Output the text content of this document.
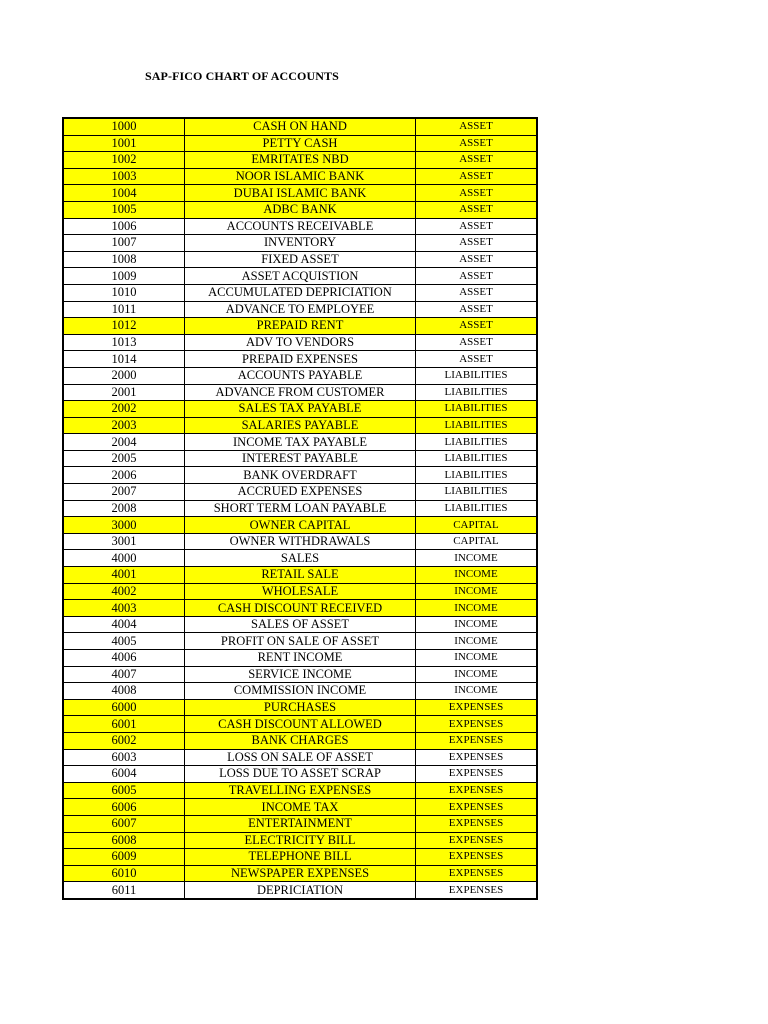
SAP-FICO CHART OF ACCOUNTS
1000	CASH ON HAND	ASSET
1001	PETTY CASH	ASSET
1002	EMRITATES NBD	ASSET
1003	NOOR ISLAMIC BANK	ASSET
1004	DUBAI ISLAMIC BANK	ASSET
1005	ADBC BANK	ASSET
1006	ACCOUNTS RECEIVABLE	ASSET
1007	INVENTORY	ASSET
1008	FIXED ASSET	ASSET
1009	ASSET ACQUISTION	ASSET
1010	ACCUMULATED DEPRICIATION	ASSET
1011	ADVANCE TO EMPLOYEE	ASSET
1012	PREPAID RENT	ASSET
1013	ADV TO VENDORS	ASSET
1014	PREPAID EXPENSES	ASSET
2000	ACCOUNTS PAYABLE	LIABILITIES
2001	ADVANCE FROM CUSTOMER	LIABILITIES
2002	SALES TAX PAYABLE	LIABILITIES
2003	SALARIES PAYABLE	LIABILITIES
2004	INCOME TAX PAYABLE	LIABILITIES
2005	INTEREST PAYABLE	LIABILITIES
2006	BANK OVERDRAFT	LIABILITIES
2007	ACCRUED EXPENSES	LIABILITIES
2008	SHORT TERM LOAN PAYABLE	LIABILITIES
3000	OWNER CAPITAL	CAPITAL
3001	OWNER WITHDRAWALS	CAPITAL
4000	SALES	INCOME
4001	RETAIL SALE	INCOME
4002	WHOLESALE	INCOME
4003	CASH DISCOUNT RECEIVED	INCOME
4004	SALES OF ASSET	INCOME
4005	PROFIT ON SALE OF ASSET	INCOME
4006	RENT INCOME	INCOME
4007	SERVICE INCOME	INCOME
4008	COMMISSION INCOME	INCOME
6000	PURCHASES	EXPENSES
6001	CASH DISCOUNT ALLOWED	EXPENSES
6002	BANK CHARGES	EXPENSES
6003	LOSS ON SALE OF ASSET	EXPENSES
6004	LOSS DUE TO ASSET SCRAP	EXPENSES
6005	TRAVELLING EXPENSES	EXPENSES
6006	INCOME TAX	EXPENSES
6007	ENTERTAINMENT	EXPENSES
6008	ELECTRICITY BILL	EXPENSES
6009	TELEPHONE BILL	EXPENSES
6010	NEWSPAPER EXPENSES	EXPENSES
6011	DEPRICIATION	EXPENSES
